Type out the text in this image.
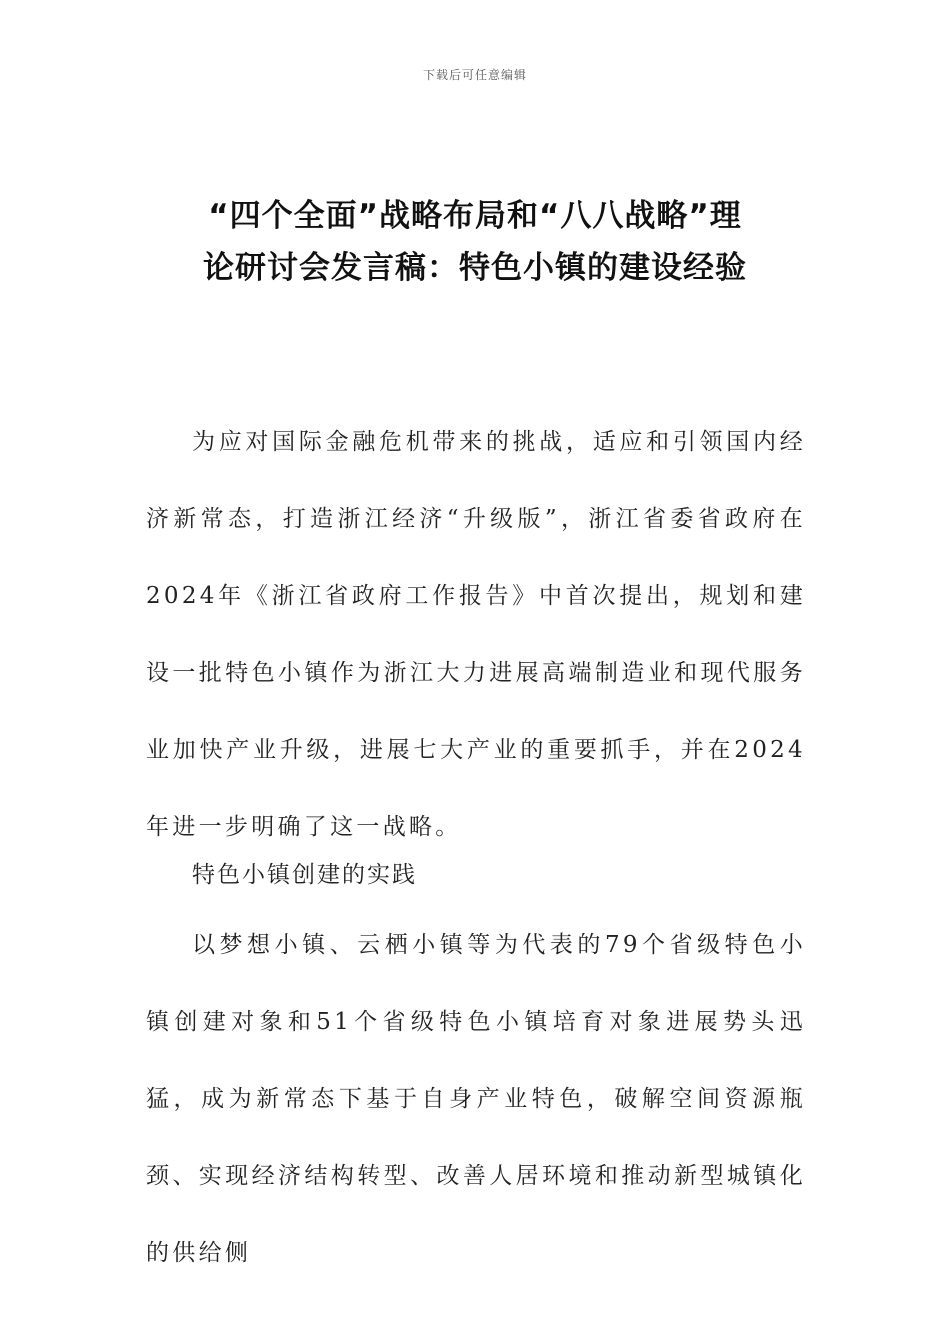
下载后可任意编辑
“四个全面”战略布局和“八八战略”理
论研讨会发言稿：特色小镇的建设经验

为应对国际金融危机带来的挑战，适应和引领国内经济新常态，打造浙江经济“升级版”，浙江省委省政府在2024年《浙江省政府工作报告》中首次提出，规划和建设一批特色小镇作为浙江大力进展高端制造业和现代服务业加快产业升级，进展七大产业的重要抓手，并在2024年进一步明确了这一战略。

特色小镇创建的实践

以梦想小镇、云栖小镇等为代表的79个省级特色小镇创建对象和51个省级特色小镇培育对象进展势头迅猛，成为新常态下基于自身产业特色，破解空间资源瓶颈、实现经济结构转型、改善人居环境和推动新型城镇化的供给侧
